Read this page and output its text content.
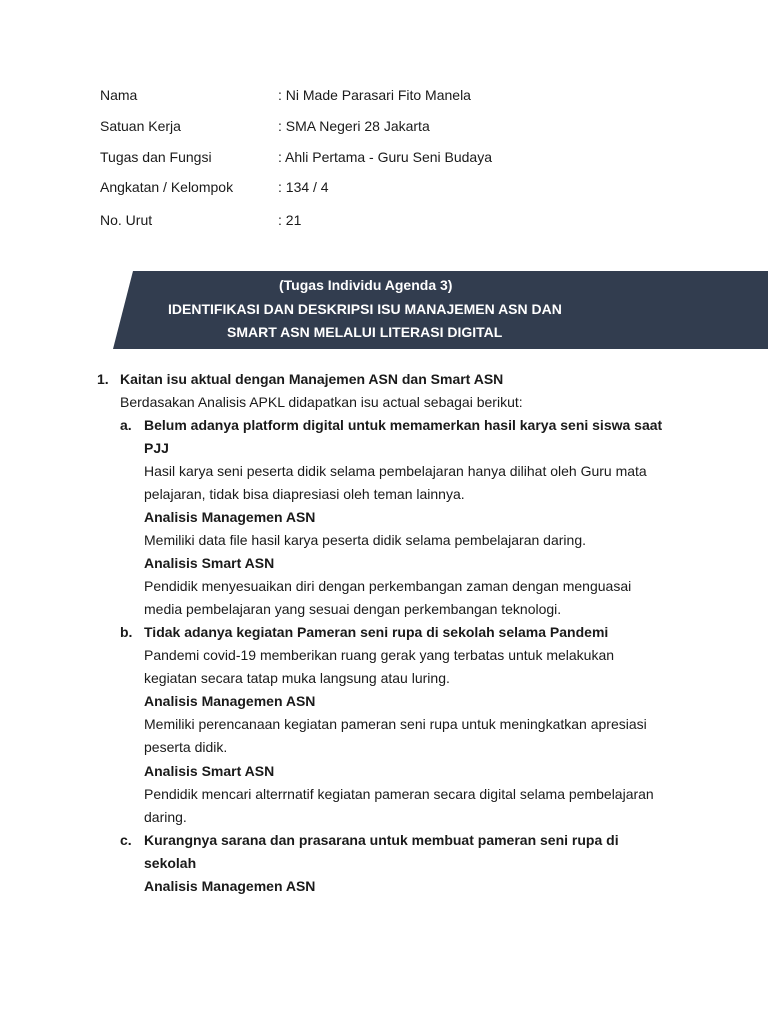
Nama	: Ni Made Parasari Fito Manela
Satuan Kerja	: SMA Negeri 28 Jakarta
Tugas dan Fungsi	: Ahli Pertama - Guru Seni Budaya
Angkatan / Kelompok	: 134 / 4
No. Urut	: 21
(Tugas Individu Agenda 3)
IDENTIFIKASI DAN DESKRIPSI ISU MANAJEMEN ASN DAN
SMART ASN MELALUI LITERASI DIGITAL
1. Kaitan isu aktual dengan Manajemen ASN dan Smart ASN
Berdasakan Analisis APKL didapatkan isu actual sebagai berikut:
a. Belum adanya platform digital untuk memamerkan hasil karya seni siswa saat
PJJ
Hasil karya seni peserta didik selama pembelajaran hanya dilihat oleh Guru mata
pelajaran, tidak bisa diapresiasi oleh teman lainnya.
Analisis Managemen ASN
Memiliki data file hasil karya peserta didik selama pembelajaran daring.
Analisis Smart ASN
Pendidik menyesuaikan diri dengan perkembangan zaman dengan menguasai
media pembelajaran yang sesuai dengan perkembangan teknologi.
b. Tidak adanya kegiatan Pameran seni rupa di sekolah selama Pandemi
Pandemi covid-19 memberikan ruang gerak yang terbatas untuk melakukan
kegiatan secara tatap muka langsung atau luring.
Analisis Managemen ASN
Memiliki perencanaan kegiatan pameran seni rupa untuk meningkatkan apresiasi
peserta didik.
Analisis Smart ASN
Pendidik mencari alterrnatif kegiatan pameran secara digital selama pembelajaran
daring.
c. Kurangnya sarana dan prasarana untuk membuat pameran seni rupa di
sekolah
Analisis Managemen ASN
